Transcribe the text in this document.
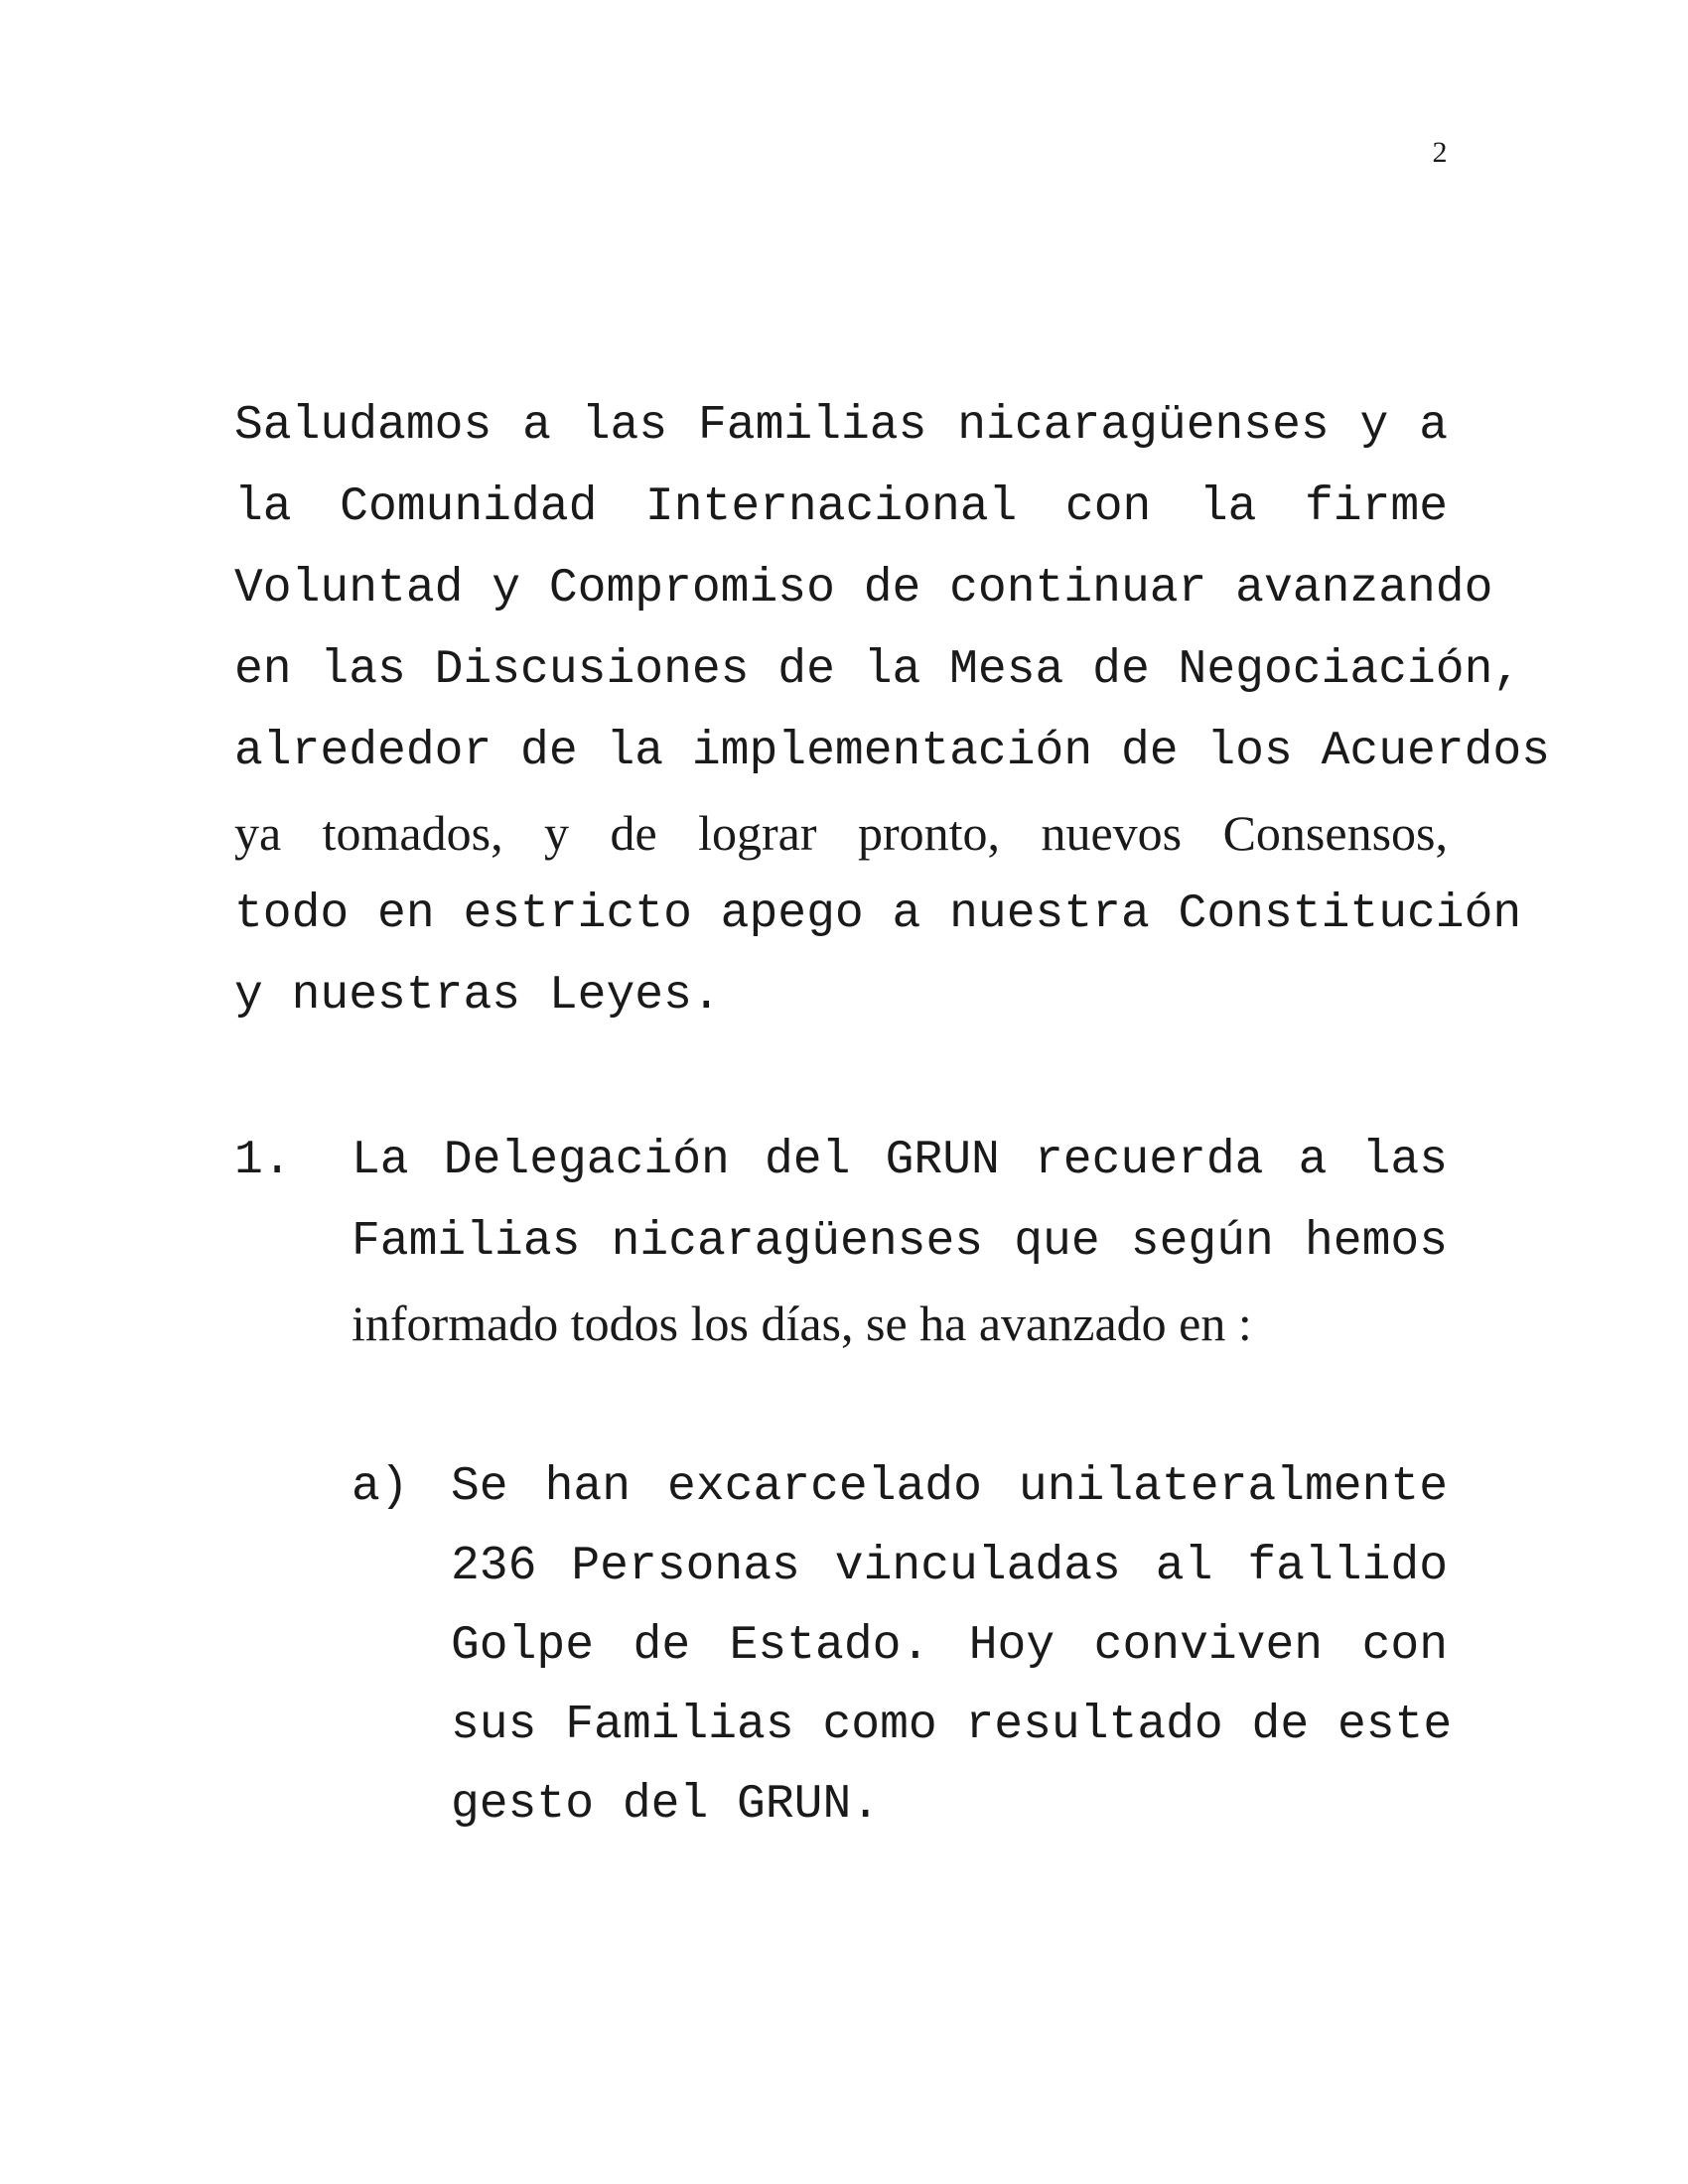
2
Saludamos a las Familias nicaragüenses y a
la Comunidad Internacional con la firme
Voluntad y Compromiso de continuar avanzando
en las Discusiones de la Mesa de Negociación,
alrededor de la implementación de los Acuerdos
ya tomados, y de lograr pronto, nuevos Consensos,
todo en estricto apego a nuestra Constitución
y nuestras Leyes.
1. La Delegación del GRUN recuerda a las
Familias nicaragüenses que según hemos
informado todos los días, se ha avanzado en :
a) Se han excarcelado unilateralmente
236 Personas vinculadas al fallido
Golpe de Estado. Hoy conviven con
sus Familias como resultado de este
gesto del GRUN.
